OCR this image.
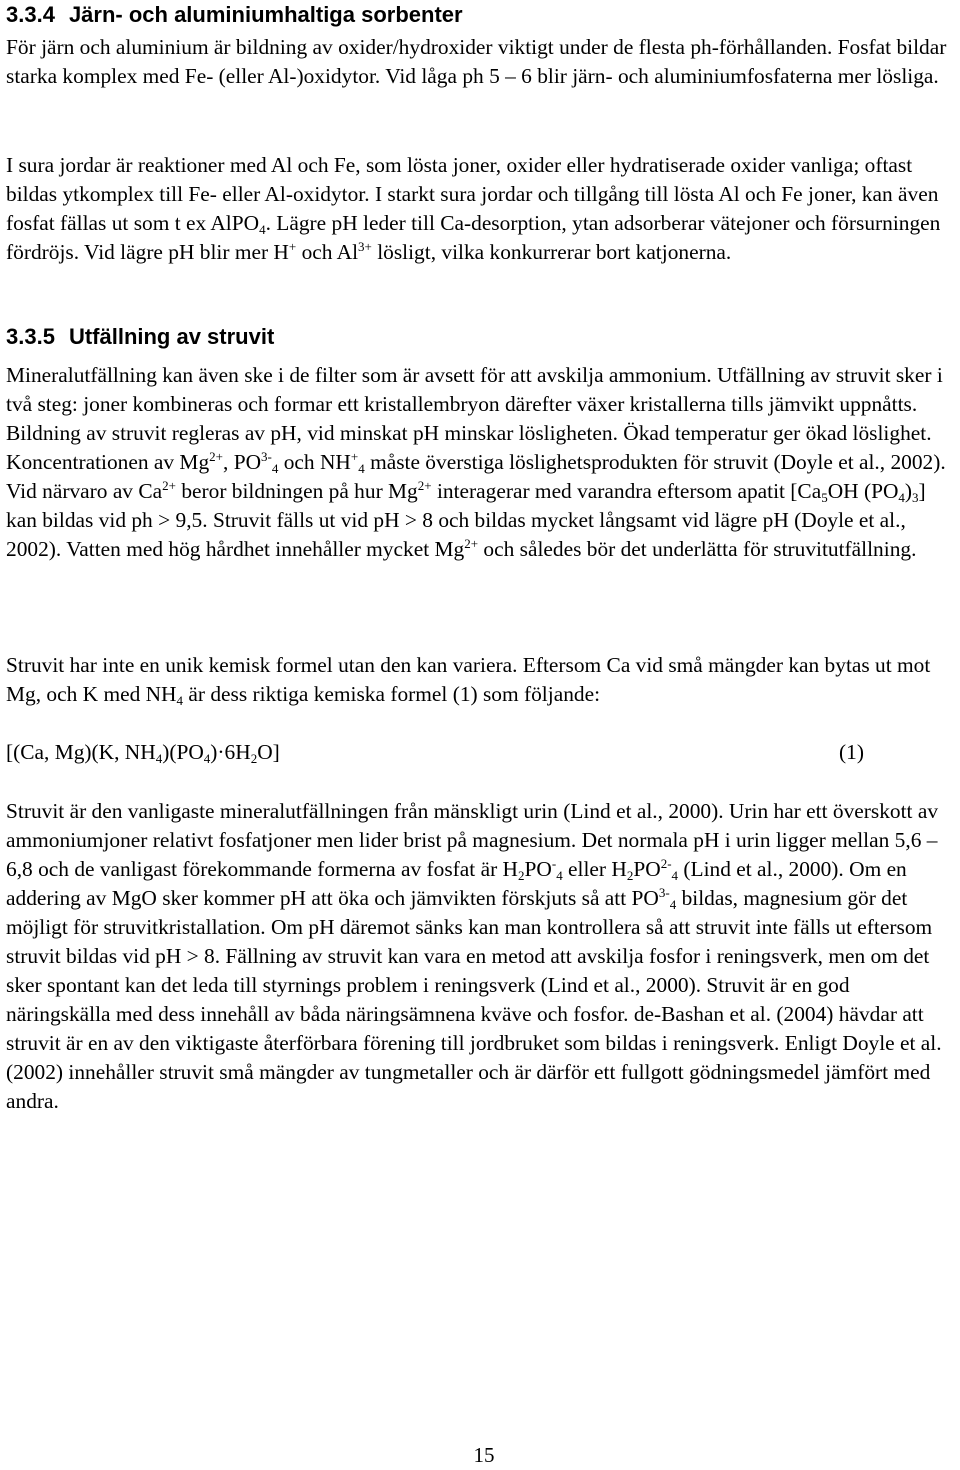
3.3.4 Järn- och aluminiumhaltiga sorbenter

För järn och aluminium är bildning av oxider/hydroxider viktigt under de flesta ph-förhållanden. Fosfat bildar starka komplex med Fe- (eller Al-)oxidytor. Vid låga ph 5 – 6 blir järn- och aluminiumfosfaterna mer lösliga.

I sura jordar är reaktioner med Al och Fe, som lösta joner, oxider eller hydratiserade oxider vanliga; oftast bildas ytkomplex till Fe- eller Al-oxidytor. I starkt sura jordar och tillgång till lösta Al och Fe joner, kan även fosfat fällas ut som t ex AlPO$_4$. Lägre pH leder till Ca-desorption, ytan adsorberar vätejoner och försurningen fördröjs. Vid lägre pH blir mer H+ och $Al^{3+}$ lösligt, vilka konkurrerar bort katjonerna.

3.3.5 Utfällning av struvit

Mineralutfällning kan även ske i de filter som är avsett för att avskilja ammonium. Utfällning av struvit sker i två steg: joner kombineras och formar ett kristallembryon därefter växer kristallerna tills jämvikt uppnåtts. Bildning av struvit regleras av pH, vid minskat pH minskar lösligheten. Ökad temperatur ger ökad löslighet. Koncentrationen av $Mg^{2+}$, $PO^{3-}_4$ och $NH^+_4$ måste överstiga löslighetsprodukten för struvit (Doyle et al., 2002). Vid närvaro av $Ca^{2+}$ beror bildningen på hur $Mg^{2+}$ interagerar med varandra eftersom apatit [$Ca_5OH$ $(PO_4)_3$] kan bildas vid ph > 9,5. Struvit fälls ut vid pH > 8 och bildas mycket långsamt vid lägre pH (Doyle et al., 2002). Vatten med hög hårdhet innehåller mycket $Mg^{2+}$ och således bör det underlätta för struvitutfällning.

Struvit har inte en unik kemisk formel utan den kan variera. Eftersom Ca vid små mängder kan bytas ut mot Mg, och K med $NH_4$ är dess riktiga kemiska formel (1) som följande:

[(Ca, Mg)(K, $NH_4)(PO_4)\cdot 6H_2O$]	(1)

Struvit är den vanligaste mineralutfällningen från mänskligt urin (Lind et al., 2000). Urin har ett överskott av ammoniumjoner relativt fosfatjoner men lider brist på magnesium. Det normala pH i urin ligger mellan 5,6 – 6,8 och de vanligast förekommande formerna av fosfat är $H_2PO^-_4$ eller $H_2PO^{2-}_4$ (Lind et al., 2000). Om en addering av MgO sker kommer pH att öka och jämvikten förskjuts så att $PO^{3-}_4$ bildas, magnesium gör det möjligt för struvitkristallation. Om pH däremot sänks kan man kontrollera så att struvit inte fälls ut eftersom struvit bildas vid pH > 8. Fällning av struvit kan vara en metod att avskilja fosfor i reningsverk, men om det sker spontant kan det leda till styrnings problem i reningsverk (Lind et al., 2000). Struvit är en god näringskälla med dess innehåll av båda näringsämnena kväve och fosfor. de-Bashan et al. (2004) hävdar att struvit är en av den viktigaste återförbara förening till jordbruket som bildas i reningsverk. Enligt Doyle et al. (2002) innehåller struvit små mängder av tungmetaller och är därför ett fullgott gödningsmedel jämfört med andra.

15
